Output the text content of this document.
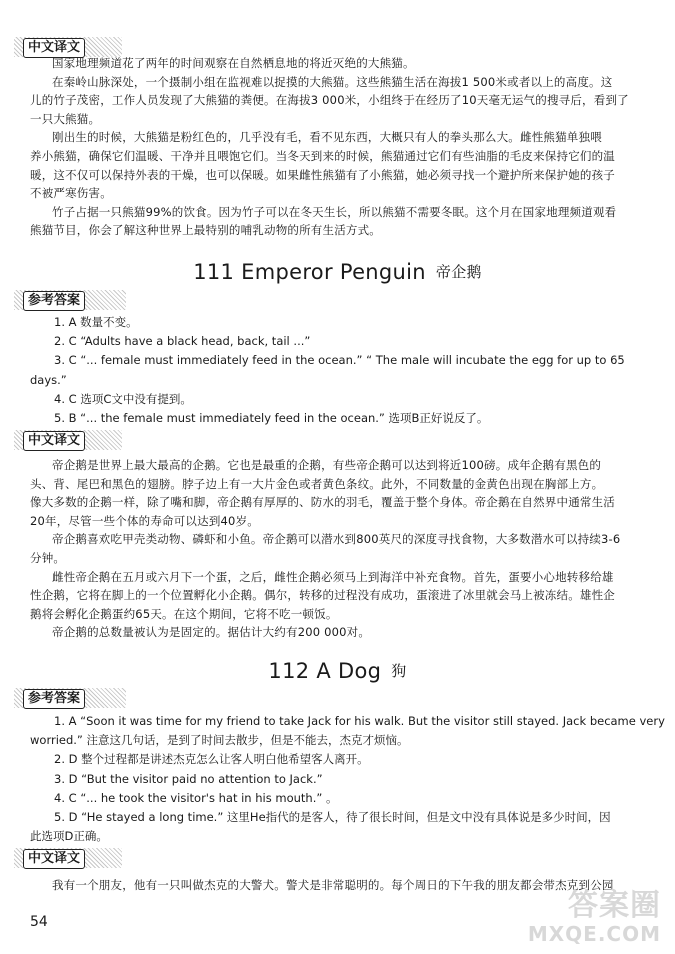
中文译文
国家地理频道花了两年的时间观察在自然栖息地的将近灭绝的大熊猫。
在秦岭山脉深处，一个摄制小组在监视难以捉摸的大熊猫。这些熊猫生活在海拔1 500米或者以上的高度。这
儿的竹子茂密，工作人员发现了大熊猫的粪便。在海拔3 000米，小组终于在经历了10天毫无运气的搜寻后，看到了
一只大熊猫。
刚出生的时候，大熊猫是粉红色的，几乎没有毛，看不见东西，大概只有人的拳头那么大。雌性熊猫单独喂
养小熊猫，确保它们温暖、干净并且喂饱它们。当冬天到来的时候，熊猫通过它们有些油脂的毛皮来保持它们的温
暖，这不仅可以保持外表的干燥，也可以保暖。如果雌性熊猫有了小熊猫，她必须寻找一个避护所来保护她的孩子
不被严寒伤害。
竹子占据一只熊猫99%的饮食。因为竹子可以在冬天生长，所以熊猫不需要冬眠。这个月在国家地理频道观看
熊猫节目，你会了解这种世界上最特别的哺乳动物的所有生活方式。
111 Emperor Penguin 帝企鹅
参考答案
1. A 数量不变。
2. C “Adults have a black head, back, tail ...”
3. C “... female must immediately feed in the ocean.” “ The male will incubate the egg for up to 65
days.”
4. C 选项C文中没有提到。
5. B “... the female must immediately feed in the ocean.” 选项B正好说反了。
中文译文
帝企鹅是世界上最大最高的企鹅。它也是最重的企鹅，有些帝企鹅可以达到将近100磅。成年企鹅有黑色的
头、背、尾巴和黑色的翅膀。脖子边上有一大片金色或者黄色条纹。此外，不同数量的金黄色出现在胸部上方。
像大多数的企鹅一样，除了嘴和脚，帝企鹅有厚厚的、防水的羽毛，覆盖于整个身体。帝企鹅在自然界中通常生活
20年，尽管一些个体的寿命可以达到40岁。
帝企鹅喜欢吃甲壳类动物、磷虾和小鱼。帝企鹅可以潜水到800英尺的深度寻找食物，大多数潜水可以持续3-6
分钟。
雌性帝企鹅在五月或六月下一个蛋，之后，雌性企鹅必须马上到海洋中补充食物。首先，蛋要小心地转移给雄
性企鹅，它将在脚上的一个位置孵化小企鹅。偶尔，转移的过程没有成功，蛋滚进了冰里就会马上被冻结。雄性企
鹅将会孵化企鹅蛋约65天。在这个期间，它将不吃一顿饭。
帝企鹅的总数量被认为是固定的。据估计大约有200 000对。
112 A Dog 狗
参考答案
1. A “Soon it was time for my friend to take Jack for his walk. But the visitor still stayed. Jack became very
worried.” 注意这几句话，是到了时间去散步，但是不能去，杰克才烦恼。
2. D 整个过程都是讲述杰克怎么让客人明白他希望客人离开。
3. D “But the visitor paid no attention to Jack.”
4. C “... he took the visitor's hat in his mouth.” 。
5. D “He stayed a long time.” 这里He指代的是客人，待了很长时间，但是文中没有具体说是多少时间，因
此选项D正确。
中文译文
我有一个朋友，他有一只叫做杰克的大警犬。警犬是非常聪明的。每个周日的下午我的朋友都会带杰克到公园
54	答案圈
MXQE.COM
